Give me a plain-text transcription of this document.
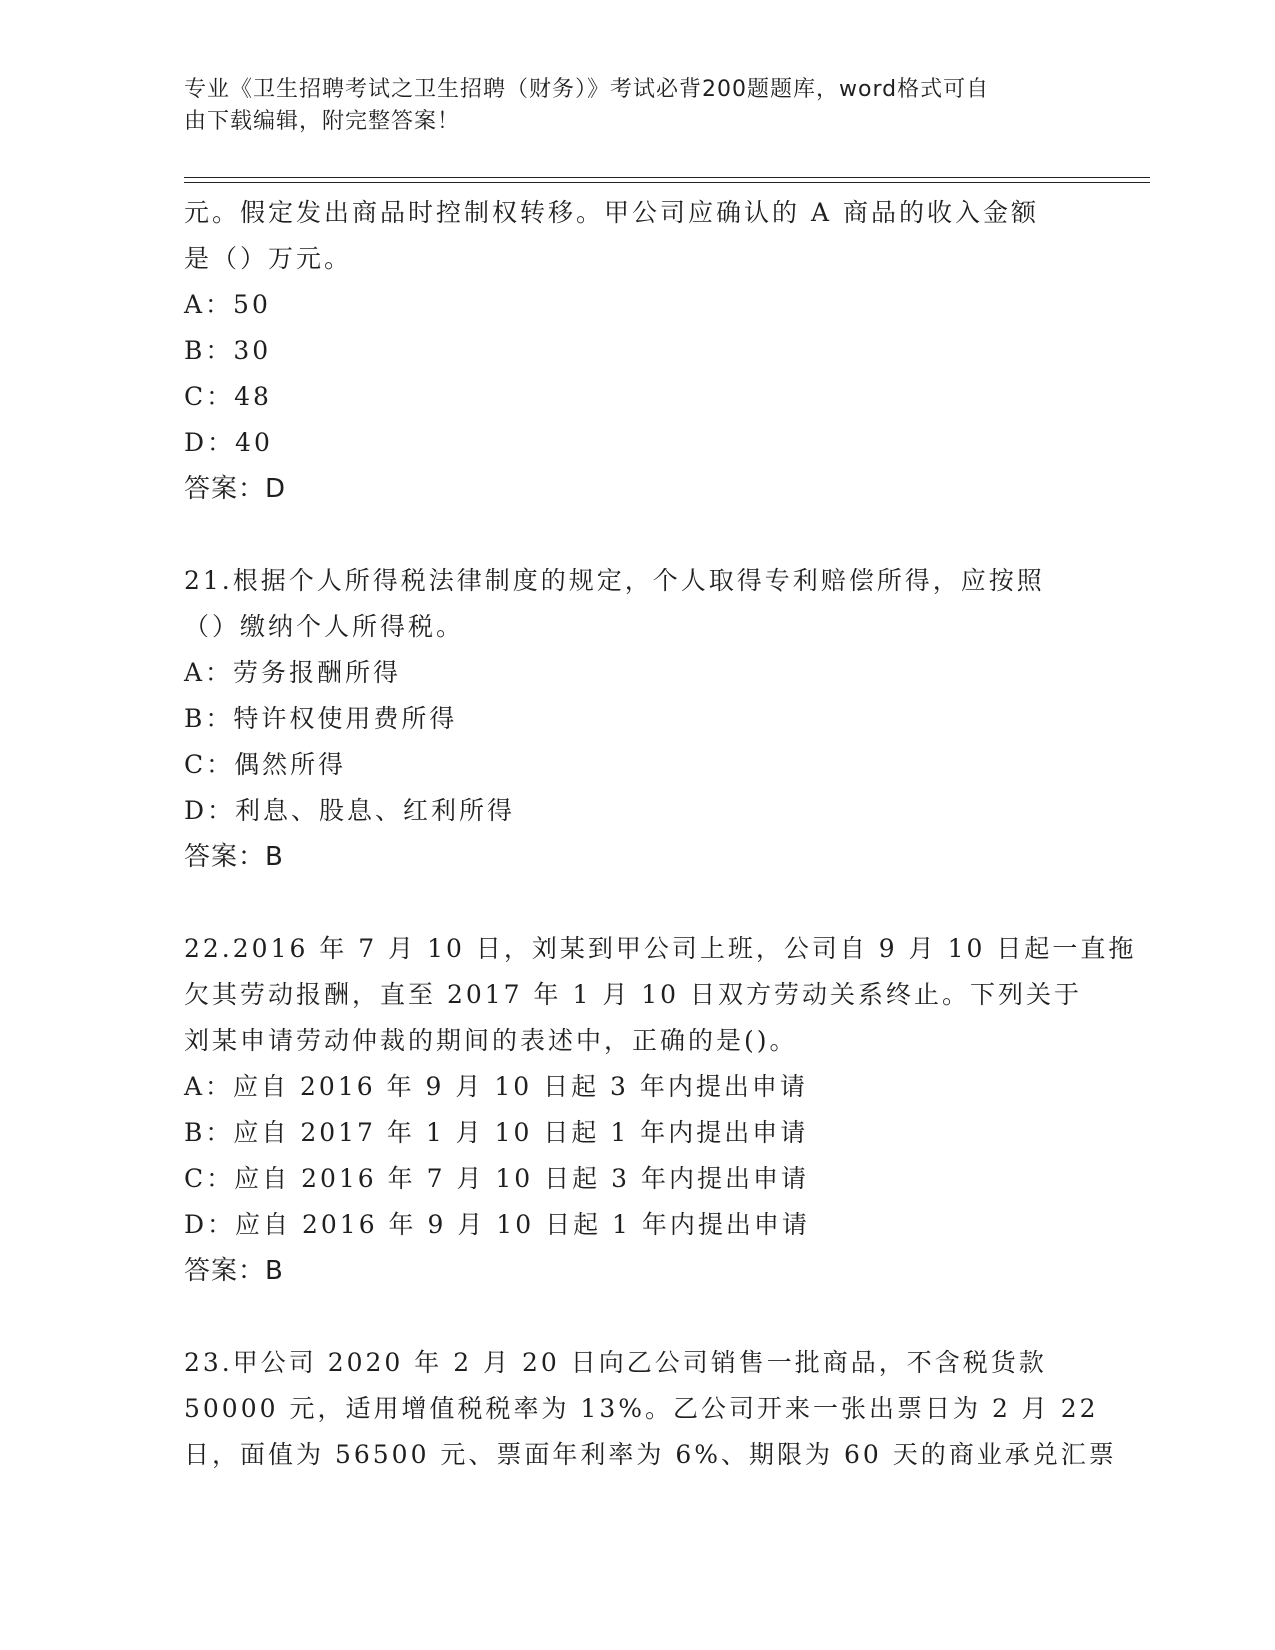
专业《卫生招聘考试之卫生招聘（财务）》考试必背200题题库，word格式可自
由下载编辑，附完整答案！
元。假定发出商品时控制权转移。甲公司应确认的 A 商品的收入金额
是（）万元。
A：50
B：30
C：48
D：40
答案：D
21.根据个人所得税法律制度的规定，个人取得专利赔偿所得，应按照
（）缴纳个人所得税。
A：劳务报酬所得
B：特许权使用费所得
C：偶然所得
D：利息、股息、红利所得
答案：B
22.2016 年 7 月 10 日，刘某到甲公司上班，公司自 9 月 10 日起一直拖
欠其劳动报酬，直至 2017 年 1 月 10 日双方劳动关系终止。下列关于
刘某申请劳动仲裁的期间的表述中，正确的是()。
A：应自 2016 年 9 月 10 日起 3 年内提出申请
B：应自 2017 年 1 月 10 日起 1 年内提出申请
C：应自 2016 年 7 月 10 日起 3 年内提出申请
D：应自 2016 年 9 月 10 日起 1 年内提出申请
答案：B
23.甲公司 2020 年 2 月 20 日向乙公司销售一批商品，不含税货款
50000 元，适用增值税税率为 13%。乙公司开来一张出票日为 2 月 22
日，面值为 56500 元、票面年利率为 6%、期限为 60 天的商业承兑汇票
